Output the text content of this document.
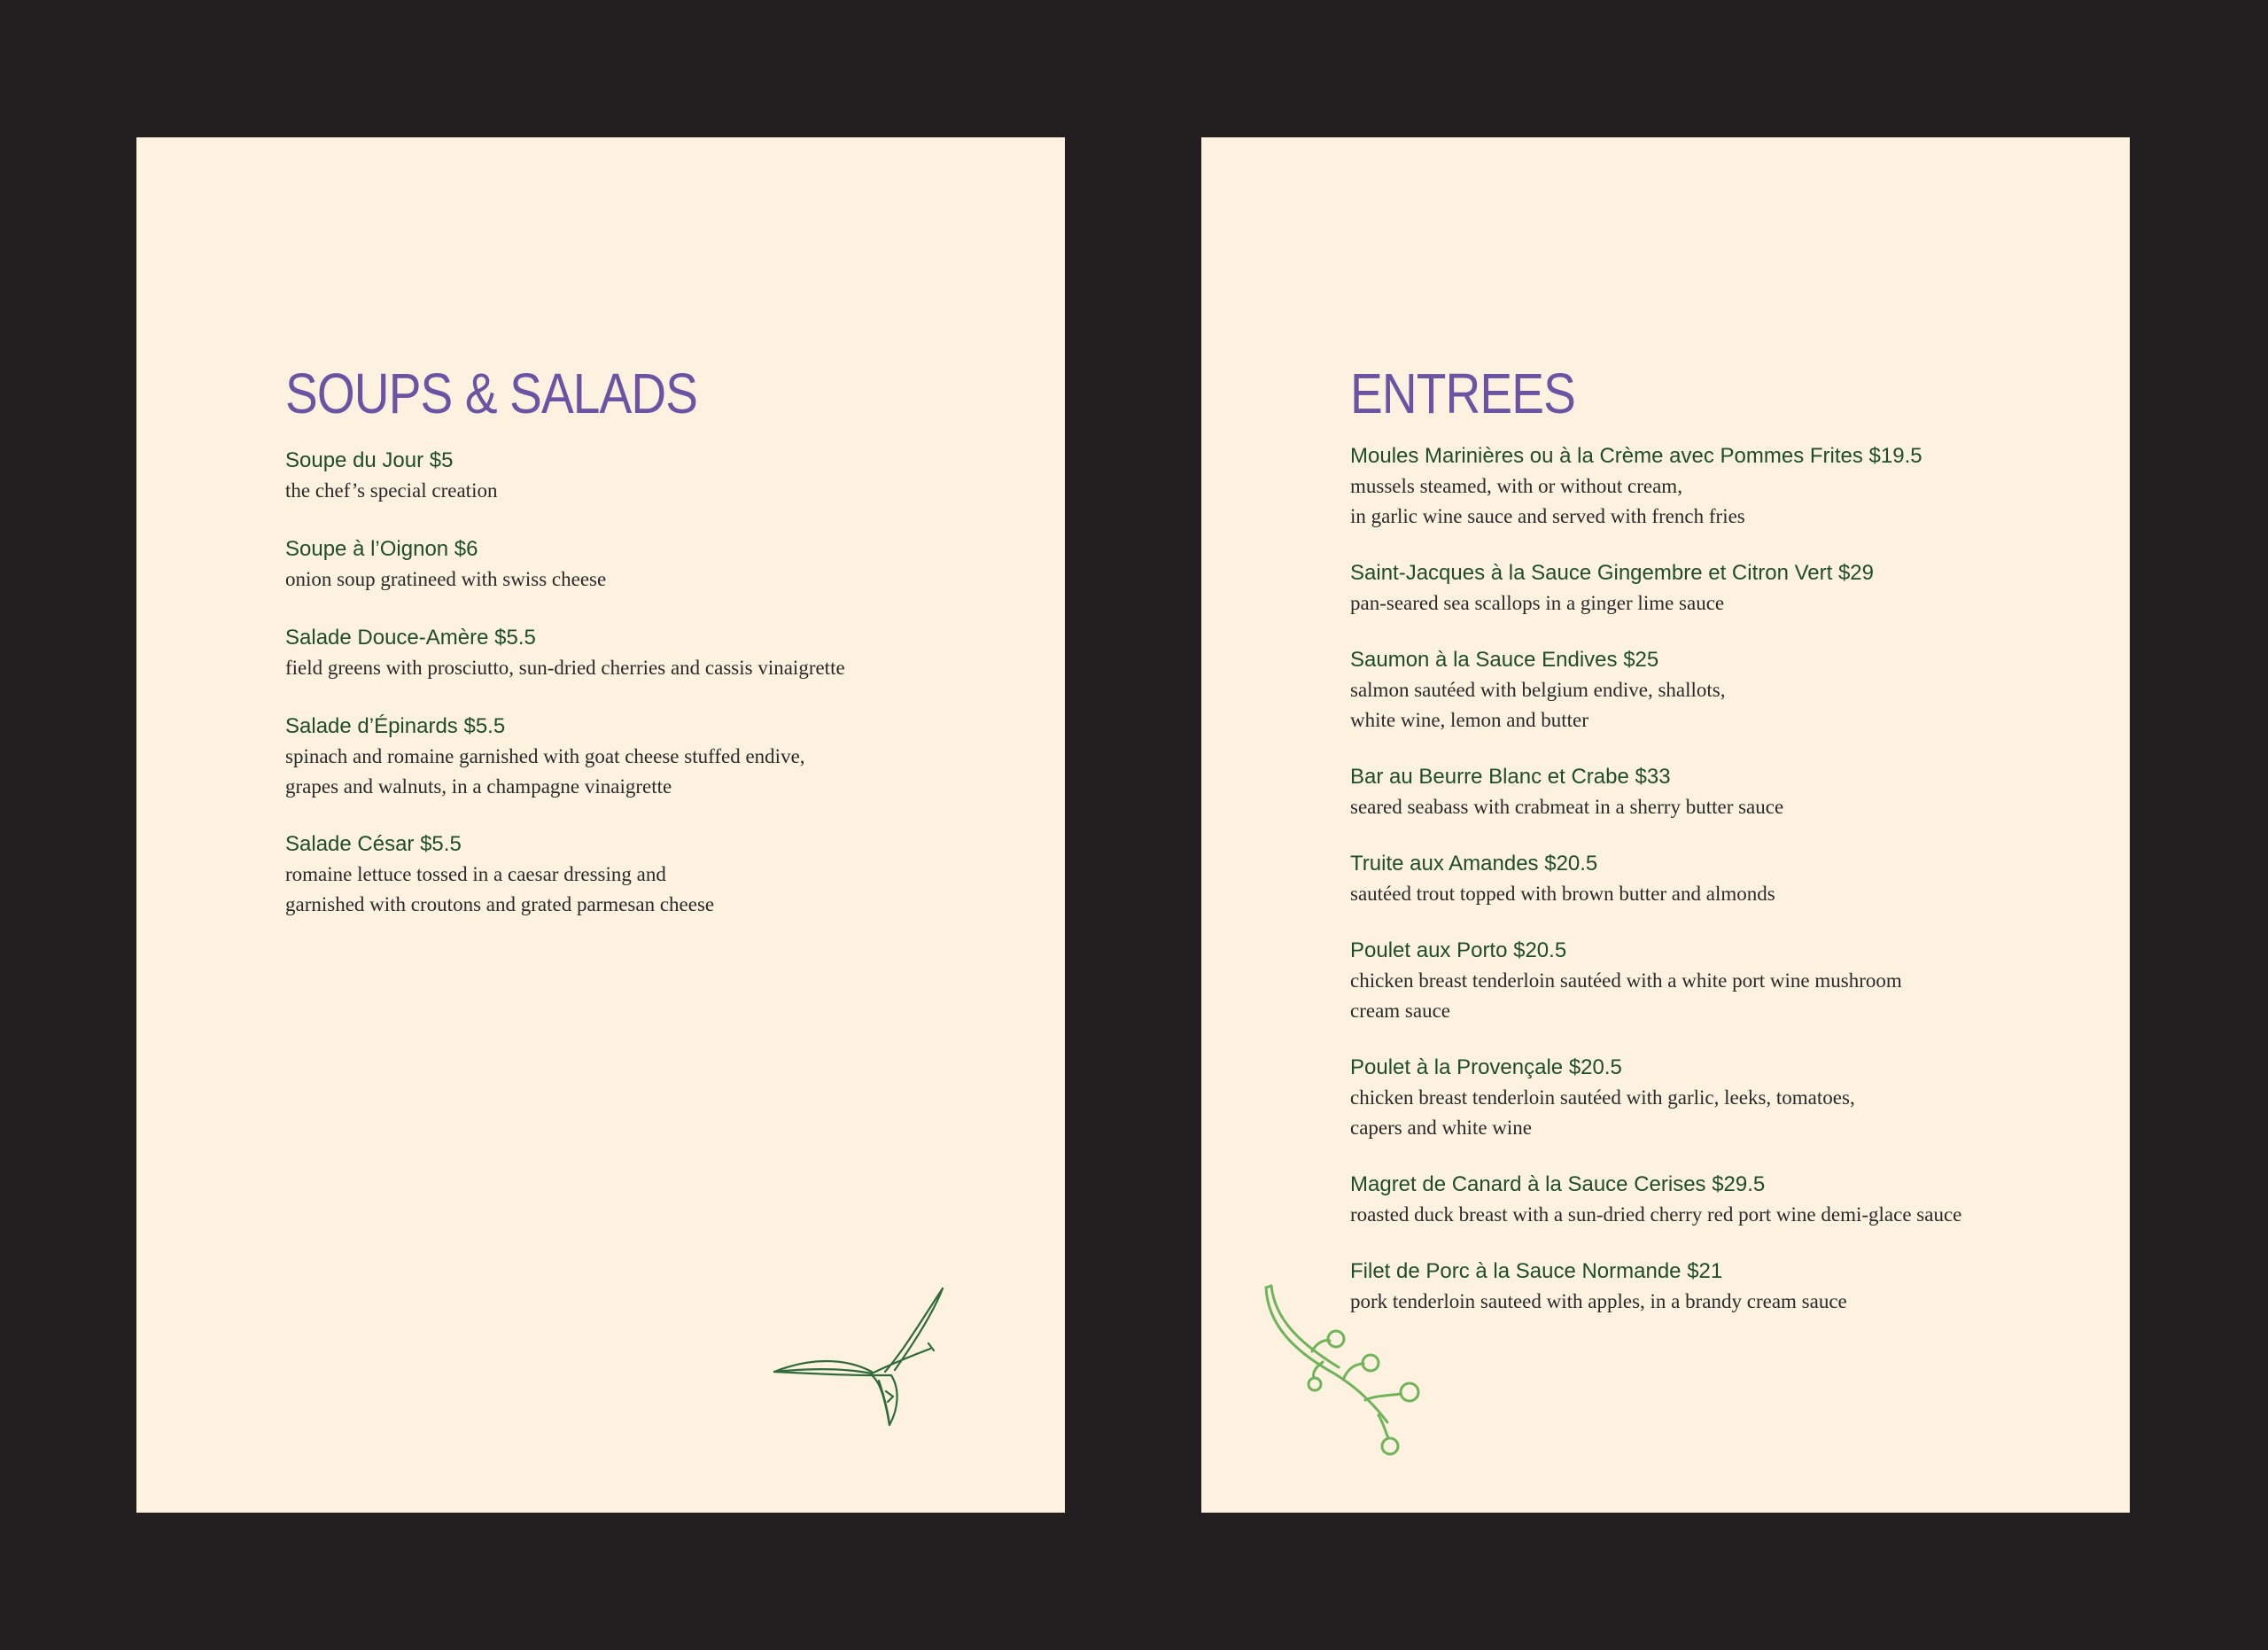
SOUPS & SALADS
Soupe du Jour $5
the chef’s special creation
Soupe à l’Oignon $6
onion soup gratineed with swiss cheese
Salade Douce-Amère $5.5
field greens with prosciutto, sun-dried cherries and cassis vinaigrette
Salade d’Épinards $5.5
spinach and romaine garnished with goat cheese stuffed endive,
grapes and walnuts, in a champagne vinaigrette
Salade César $5.5
romaine lettuce tossed in a caesar dressing and
garnished with croutons and grated parmesan cheese
ENTREES
Moules Marinières ou à la Crème avec Pommes Frites $19.5
mussels steamed, with or without cream,
in garlic wine sauce and served with french fries
Saint-Jacques à la Sauce Gingembre et Citron Vert $29
pan-seared sea scallops in a ginger lime sauce
Saumon à la Sauce Endives $25
salmon sautéed with belgium endive, shallots,
white wine, lemon and butter
Bar au Beurre Blanc et Crabe $33
seared seabass with crabmeat in a sherry butter sauce
Truite aux Amandes $20.5
sautéed trout topped with brown butter and almonds
Poulet aux Porto $20.5
chicken breast tenderloin sautéed with a white port wine mushroom
cream sauce
Poulet à la Provençale $20.5
chicken breast tenderloin sautéed with garlic, leeks, tomatoes,
capers and white wine
Magret de Canard à la Sauce Cerises $29.5
roasted duck breast with a sun-dried cherry red port wine demi-glace sauce
Filet de Porc à la Sauce Normande $21
pork tenderloin sauteed with apples, in a brandy cream sauce
